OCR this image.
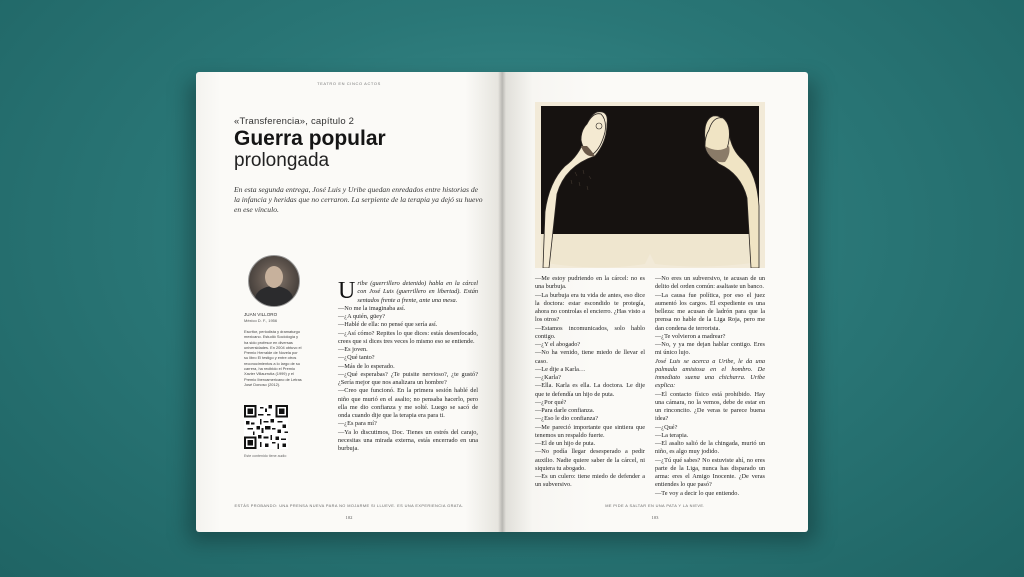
TEATRO EN CINCO ACTOS
«Transferencia», capítulo 2
Guerra popular
prolongada
En esta segunda entrega, José Luis y Uribe quedan enredados entre historias de la infancia y heridas que no cerraron. La serpiente de la terapia ya dejó su huevo en ese vínculo.
JUAN VILLORO
México D. F., 1956
Escritor, periodista y dramaturgo mexicano. Estudió Sociología y ha sido profesor en diversas universidades. En 2004 obtuvo el Premio Herralde de Novela por su libro El testigo y entre otros reconocimientos a lo largo de su carrera, ha recibido el Premio Xavier Villaurrutia (1999) y el Premio Iberoamericano de Letras José Donoso (2012).
Este contenido tiene audio
U ribe (guerrillero detenido) habla en la cárcel con José Luis (guerrillero en libertad). Están sentados frente a frente, ante una mesa.

—No me la imaginaba así.

—¿A quién, güey?

—Hablé de ella: no pensé que sería así.

—¿Así cómo? Repites lo que dices: estás desenfocado, crees que si dices tres veces lo mismo eso se entiende.

—Es joven.

—¿Qué tanto?

—Más de lo esperado.

—¿Qué esperabas? ¿Te puisite nervioso?, ¿te gustó? ¿Sería mejor que nos analizara un hombre?

—Creo que funcionó. En la primera sesión hablé del niño que murió en el asalto; no pensaba hacerlo, pero ella me dio confianza y me solté. Luego se sacó de onda cuando dije que la terapia era para ti.

—¿Es para mí?

—Ya lo discutimos, Doc. Tienes un estrés del carajo, necesitas una mirada externa, estás encerrado en una burbuja.

ESTÁS PROBANDO: UNA PRENSA NUEVA PARA NO MOJARME SI LLUEVE. ES UNA EXPERIENCIA GRATA.
102

—Me estoy pudriendo en la cárcel: no es una burbuja.

—La burbuja era tu vida de antes, eso dice la doctora: estar escondido te protegía, ahora no controlas el encierro. ¿Has visto a los otros?

—Estamos incomunicados, solo hablo contigo.

—¿Y el abogado?

—No ha venido, tiene miedo de llevar el caso.

—Le dije a Karla…

—¿Karla?

—Ella. Karla es ella. La doctora. Le dije que te defendía un hijo de puta.

—¿Por qué?

—Para darle confianza.

—¿Eso le dio confianza?

—Me pareció importante que sintiera que tenemos un respaldo fuerte.

—El de un hijo de puta.

—No podía llegar desesperado a pedir auxilio. Nadie quiere saber de la cárcel, ni siquiera tu abogado.

—Es un culero: tiene miedo de defender a un subversivo.

—No eres un subversivo, te acusan de un delito del orden común: asaltaste un banco.

—La causa fue política, por eso el juez aumentó los cargos. El expediente es una belleza: me acusan de ladrón para que la prensa no hable de la Liga Roja, pero me dan condena de terrorista.

—¿Te volvieron a madrear?

—No, y ya me dejan hablar contigo. Eres mi único lujo.

José Luis se acerca a Uribe, le da una palmada amistosa en el hombro. De inmediato suena una chicharra. Uribe explica:

—El contacto físico está prohibido. Hay una cámara, no la vemos, debe de estar en un rinconcito. ¿De veras te parece buena idea?

—¿Qué?

—La terapia.

—El asalto salió de la chingada, murió un niño, es algo muy jodido.

—¿Tú qué sabes? No estuviste ahí, no eres parte de la Liga, nunca has disparado un arma: eres el Amigo Inocente. ¿De veras entiendes lo que pasó?

—Te voy a decir lo que entiendo.

ME PIDE A SALTAR EN UNA PATA Y LA NIEVE.
103
